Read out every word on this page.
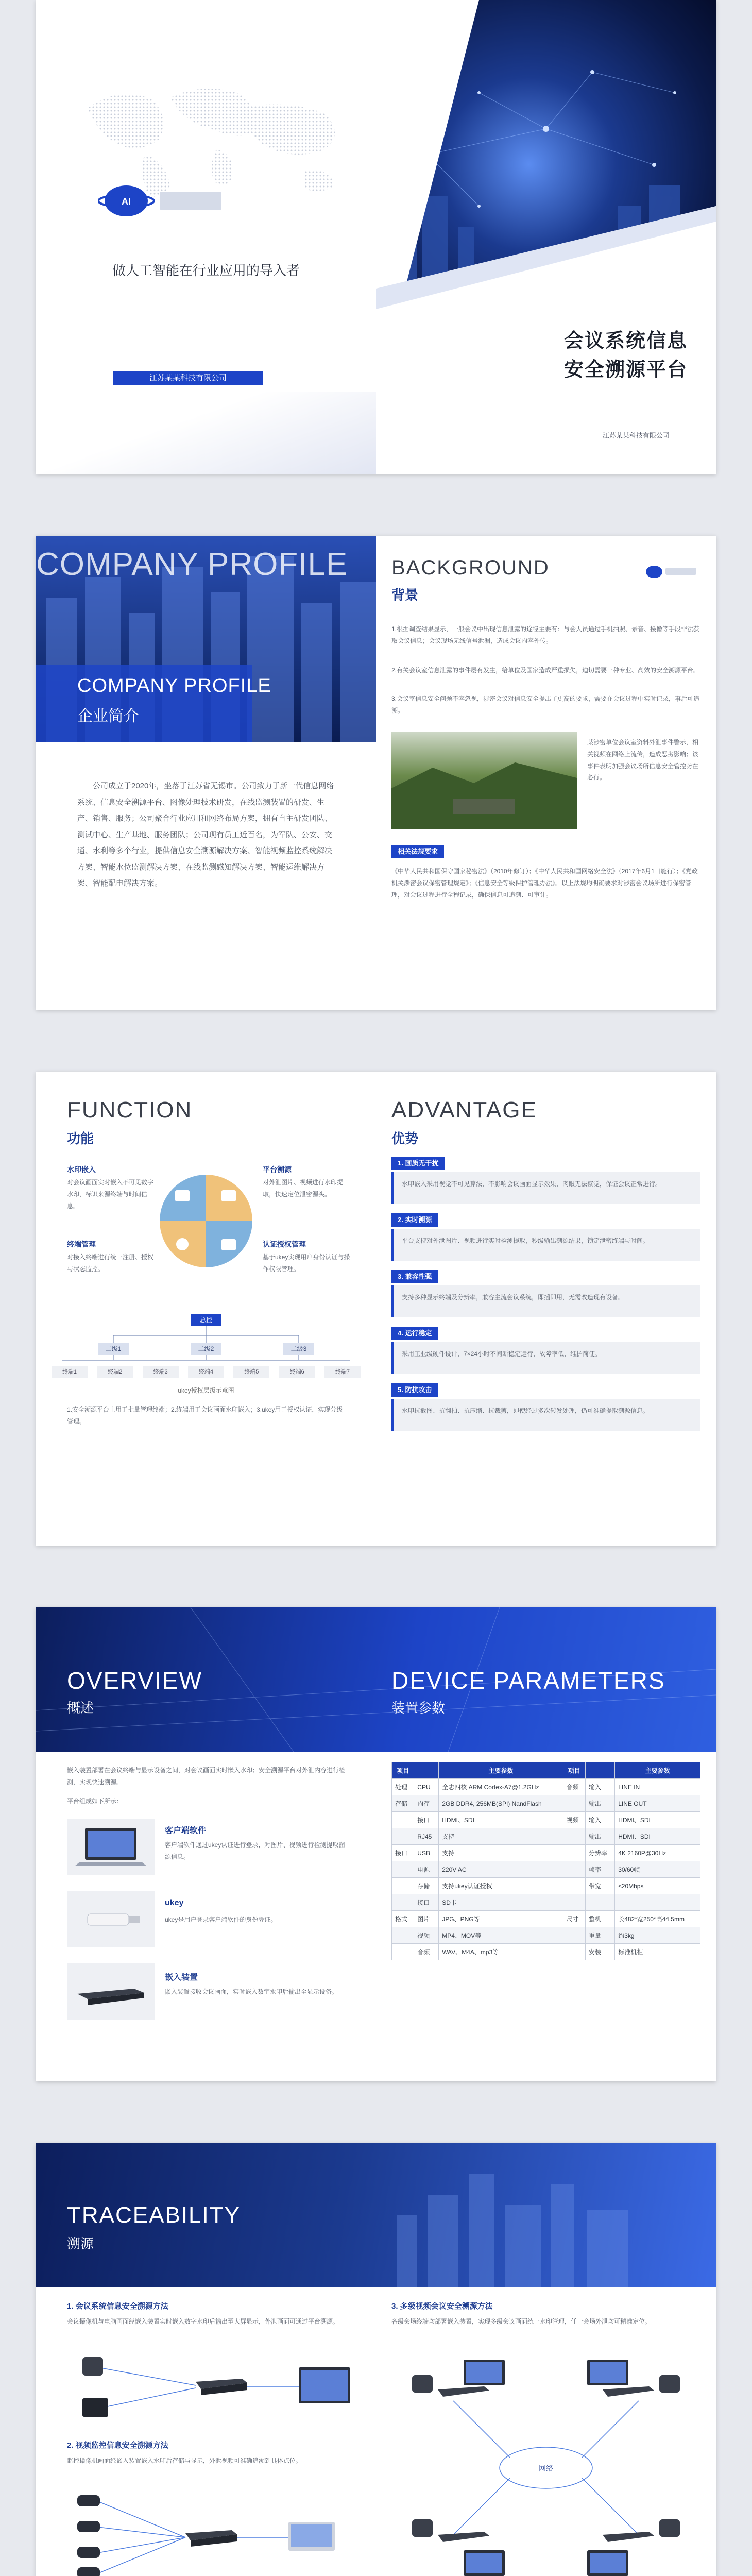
AI
做人工智能在行业应用的导入者
江苏某某科技有限公司
会议系统信息
安全溯源平台
江苏某某科技有限公司
COMPANY PROFILE
COMPANY PROFILE
企业简介
公司成立于2020年，坐落于江苏省无锡市。公司致力于新一代信息网络系统、信息安全溯源平台、图像处理技术研发，在线监测装置的研发、生产、销售、服务；公司聚合行业应用和网络布局方案，拥有自主研发团队、测试中心、生产基地、服务团队；公司现有员工近百名，为军队、公安、交通、水利等多个行业，提供信息安全溯源解决方案、智能视频监控系统解决方案、智能水位监测解决方案、在线监测感知解决方案、智能运维解决方案、智能配电解决方案。
BACKGROUND
背景
1.根据调查结果显示，一般会议中出现信息泄露的途径主要有：与会人员通过手机拍照、录音、摄像等手段非法获取会议信息；会议现场无线信号泄漏，造成会议内容外传。
2.有关会议室信息泄露的事件屡有发生，给单位及国家造成严重损失，迫切需要一种专业、高效的安全溯源平台。
3.会议室信息安全问题不容忽视，涉密会议对信息安全提出了更高的要求，需要在会议过程中实时记录，事后可追溯。
某涉密单位会议室资料外泄事件警示，相关视频在网络上流传，造成恶劣影响；该事件表明加强会议场所信息安全管控势在必行。
相关法规要求
《中华人民共和国保守国家秘密法》（2010年修订）；《中华人民共和国网络安全法》（2017年6月1日施行）；《党政机关涉密会议保密管理规定》；《信息安全等级保护管理办法》。以上法规均明确要求对涉密会议场所进行保密管理，对会议过程进行全程记录，确保信息可追溯、可审计。
FUNCTION
功能
水印嵌入
对会议画面实时嵌入不可见数字水印，标识来源终端与时间信息。
平台溯源
对外泄图片、视频进行水印提取，快速定位泄密源头。
终端管理
对接入终端进行统一注册、授权与状态监控。
认证授权管理
基于ukey实现用户身份认证与操作权限管理。
总控
二级1	二级2	二级3
终端1	终端2	终端3	终端4	终端5	终端6	终端7
ukey授权层级示意图
1.安全溯源平台上用于批量管理终端；2.终端用于会议画面水印嵌入；3.ukey用于授权认证，实现分级管理。
ADVANTAGE
优势
1. 画质无干扰
水印嵌入采用视觉不可见算法，不影响会议画面显示效果，肉眼无法察觉，保证会议正常进行。
2. 实时溯源
平台支持对外泄图片、视频进行实时检测提取，秒级输出溯源结果，锁定泄密终端与时间。
3. 兼容性强
支持多种显示终端及分辨率，兼容主流会议系统，即插即用，无需改造现有设备。
4. 运行稳定
采用工业级硬件设计，7×24小时不间断稳定运行，故障率低，维护简便。
5. 防抗攻击
水印抗截图、抗翻拍、抗压缩、抗裁剪，即使经过多次转发处理，仍可准确提取溯源信息。
OVERVIEW
概述
嵌入装置部署在会议终端与显示设备之间，对会议画面实时嵌入水印；安全溯源平台对外泄内容进行检测，实现快速溯源。
平台组成如下所示：
客户端软件
客户端软件通过ukey认证进行登录，对图片、视频进行检测提取溯源信息。
ukey
ukey是用户登录客户端软件的身份凭证。
嵌入装置
嵌入装置接收会议画面，实时嵌入数字水印后输出至显示设备。
DEVICE PARAMETERS
装置参数
项目		主要参数	项目		主要参数
处理	CPU	全志四核 ARM Cortex-A7@1.2GHz	音频	输入	LINE IN
存储	内存	2GB DDR4, 256MB(SPI) NandFlash		输出	LINE OUT
	接口	HDMI、SDI	视频	输入	HDMI、SDI
	RJ45	支持		输出	HDMI、SDI
接口	USB	支持		分辨率	4K 2160P@30Hz
	电源	220V AC		帧率	30/60帧
	存储	支持ukey认证授权		带宽	≤20Mbps
	接口	SD卡			
格式	图片	JPG、PNG等	尺寸	整机	长482*宽250*高44.5mm
	视频	MP4、MOV等		重量	约3kg
	音频	WAV、M4A、mp3等		安装	标准机柜
TRACEABILITY
溯源
1. 会议系统信息安全溯源方法
会议摄像机与电脑画面经嵌入装置实时嵌入数字水印后输出至大屏显示，外泄画面可通过平台溯源。
2. 视频监控信息安全溯源方法
监控摄像机画面经嵌入装置嵌入水印后存储与显示，外泄视频可准确追溯到具体点位。
3. 多级视频会议安全溯源方法
各级会场终端均部署嵌入装置，实现多级会议画面统一水印管理，任一会场外泄均可精准定位。
网络
